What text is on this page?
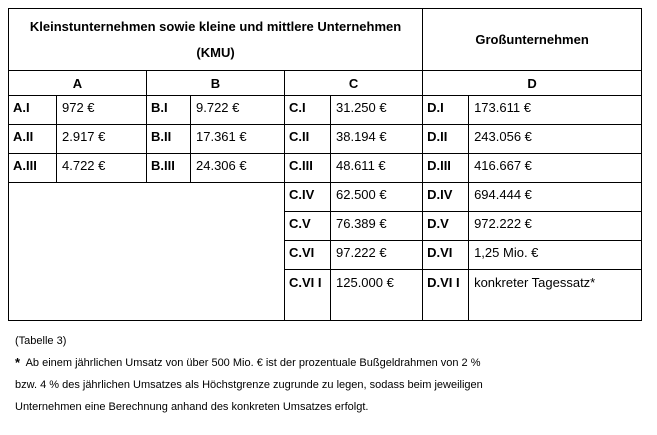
Kleinstunternehmen sowie kleine und mittlere Unternehmen (KMU)						Großunternehmen	
A		B		C		D	
A.I	972 €	B.I	9.722 €	C.I	31.250 €	D.I	173.611 €
A.II	2.917 €	B.II	17.361 €	C.II	38.194 €	D.II	243.056 €
A.III	4.722 €	B.III	24.306 €	C.III	48.611 €	D.III	416.667 €
				C.IV	62.500 €	D.IV	694.444 €
				C.V	76.389 €	D.V	972.222 €
				C.VI	97.222 €	D.VI	1,25 Mio. €
				C.VI I	125.000 €	D.VI I	konkreter Tagessatz*

(Tabelle 3)

* Ab einem jährlichen Umsatz von über 500 Mio. € ist der prozentuale Bußgeldrahmen von 2 %

bzw. 4 % des jährlichen Umsatzes als Höchstgrenze zugrunde zu legen, sodass beim jeweiligen

Unternehmen eine Berechnung anhand des konkreten Umsatzes erfolgt.
